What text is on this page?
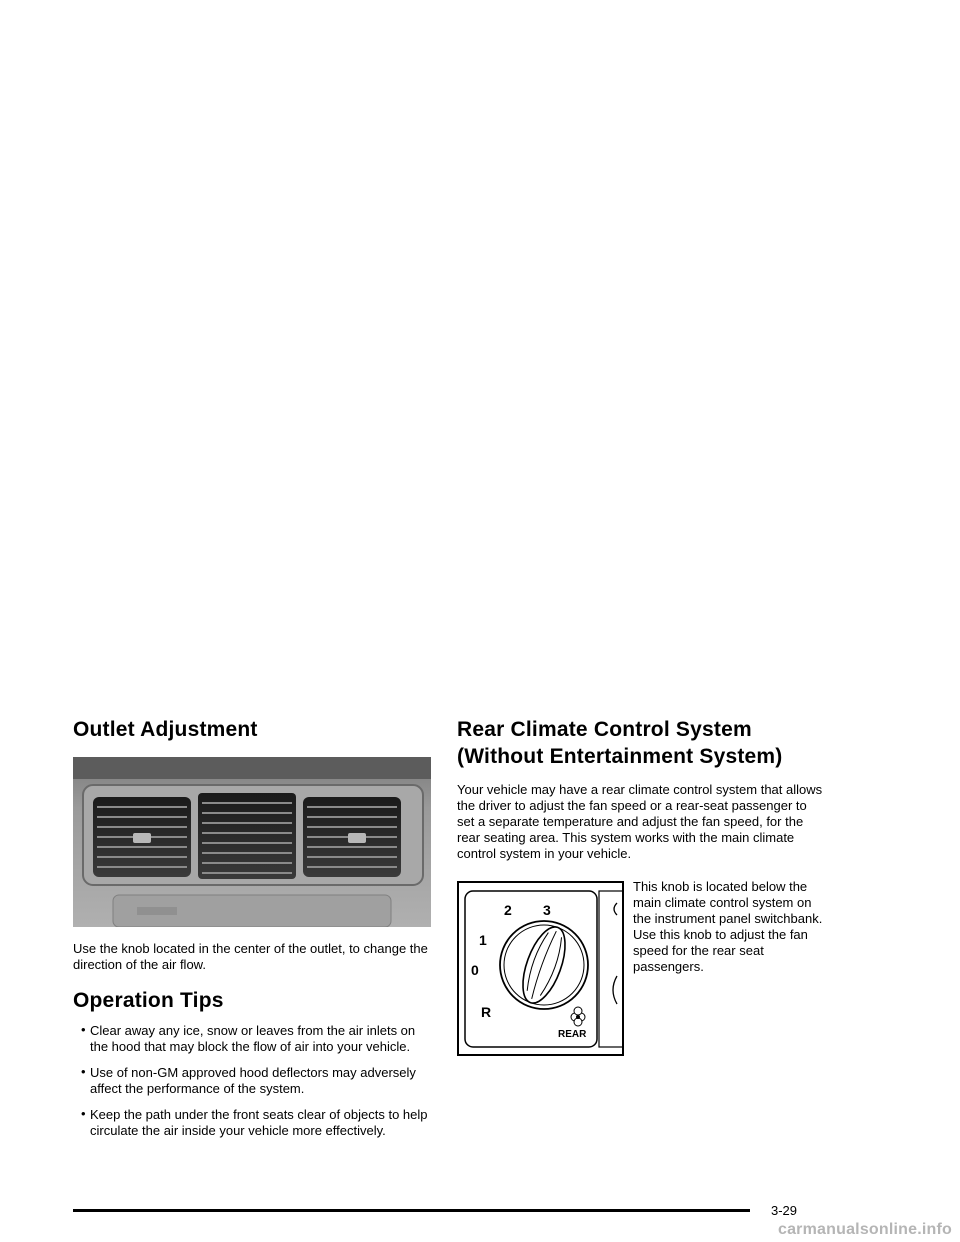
Outlet Adjustment

Use the knob located in the center of the outlet, to change the direction of the air flow.

Operation Tips
• Clear away any ice, snow or leaves from the air inlets on the hood that may block the flow of air into your vehicle.
• Use of non-GM approved hood deflectors may adversely affect the performance of the system.
• Keep the path under the front seats clear of objects to help circulate the air inside your vehicle more effectively.
Rear Climate Control System
(Without Entertainment System)

Your vehicle may have a rear climate control system that allows the driver to adjust the fan speed or a rear-seat passenger to set a separate temperature and adjust the fan speed, for the rear seating area. This system works with the main climate control system in your vehicle.

2 3
1
0
R
REAR

This knob is located below the main climate control system on the instrument panel switchbank. Use this knob to adjust the fan speed for the rear seat passengers.

3-29
carmanualsonline.info
